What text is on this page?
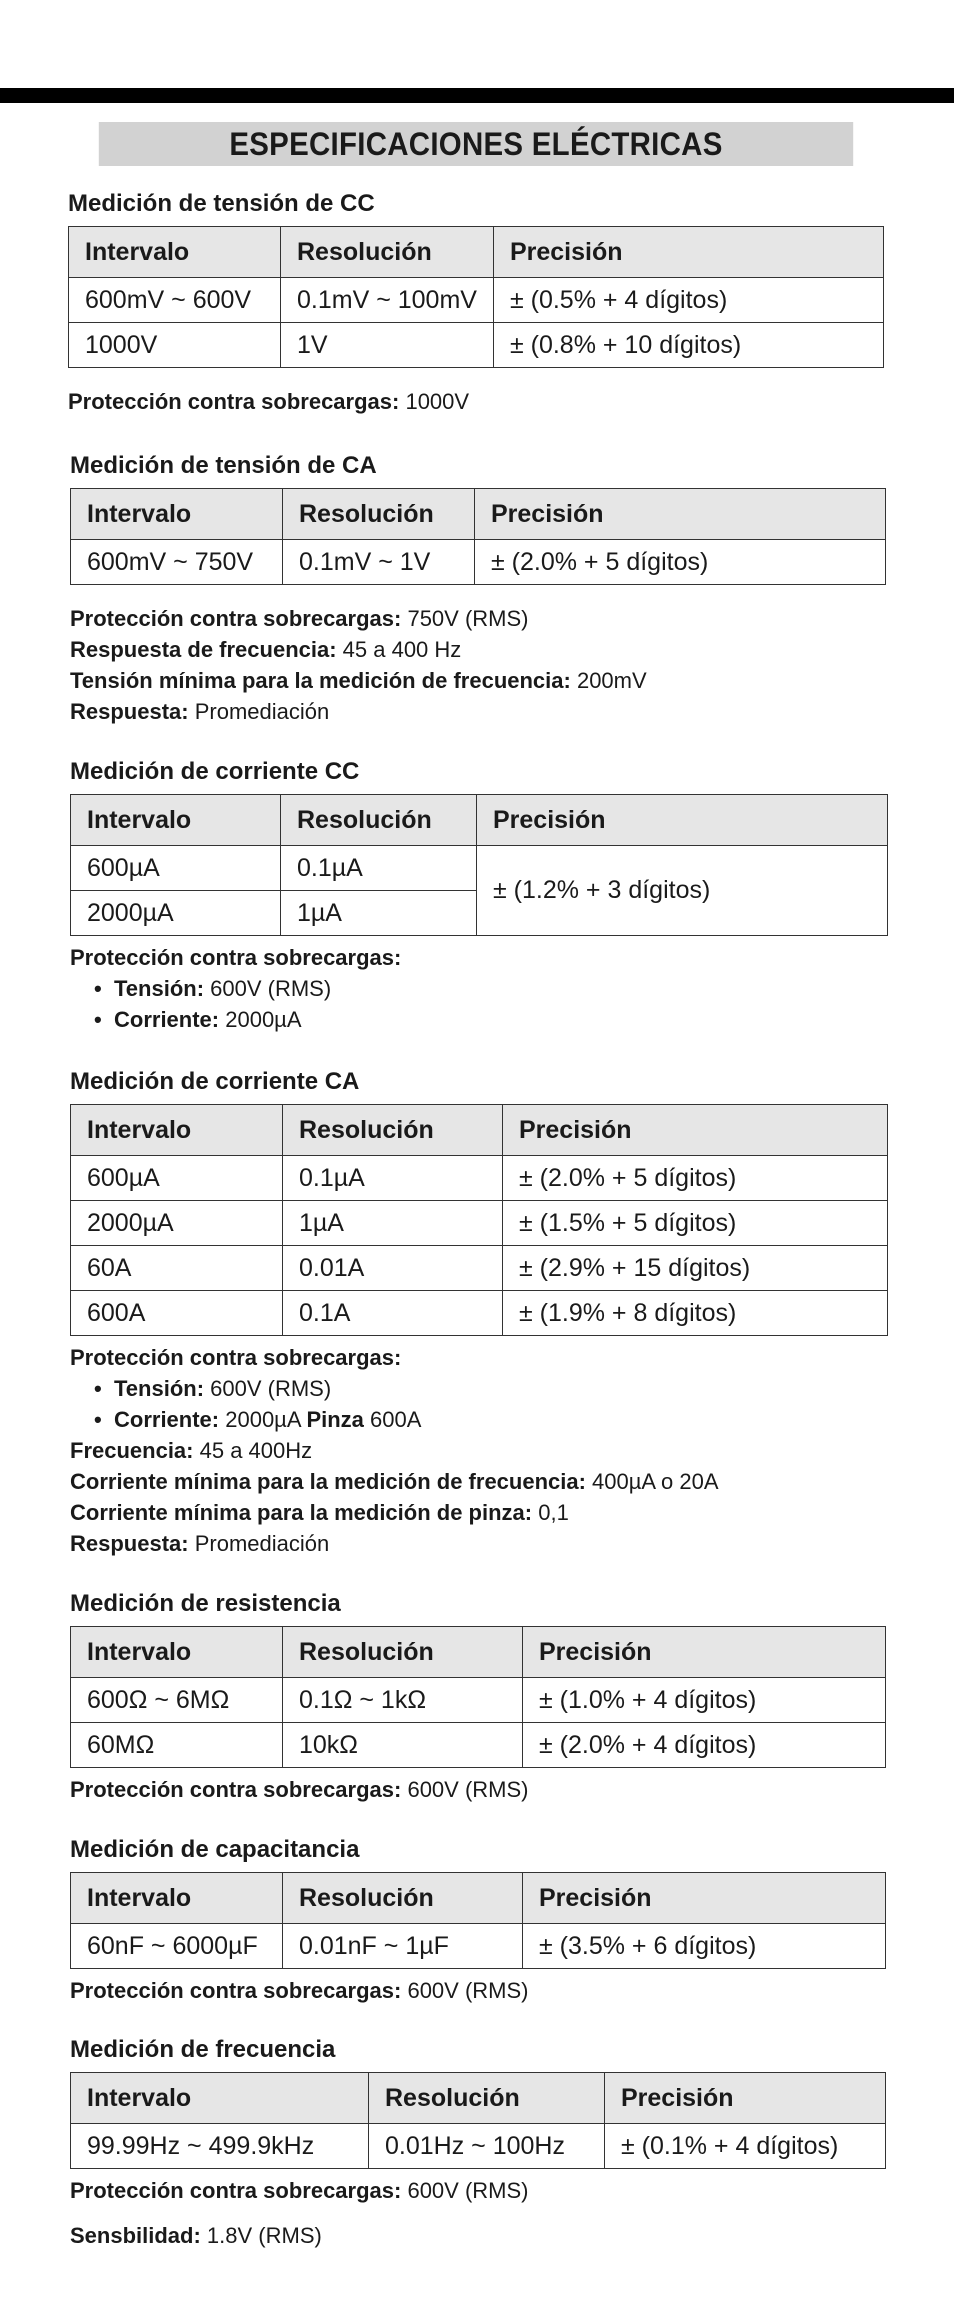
ESPECIFICACIONES ELÉCTRICAS
Medición de tensión de CC
Intervalo	Resolución	Precisión
600mV ~ 600V	0.1mV ~ 100mV	± (0.5% + 4 dígitos)
1000V	1V	± (0.8% + 10 dígitos)
Protección contra sobrecargas: 1000V
Medición de tensión de CA
Intervalo	Resolución	Precisión
600mV ~ 750V	0.1mV ~ 1V	± (2.0% + 5 dígitos)
Protección contra sobrecargas: 750V (RMS)
Respuesta de frecuencia: 45 a 400 Hz
Tensión mínima para la medición de frecuencia: 200mV
Respuesta: Promediación
Medición de corriente CC
Intervalo	Resolución	Precisión
600µA	0.1µA	± (1.2% + 3 dígitos)
2000µA	1µA	
Protección contra sobrecargas:
• Tensión: 600V (RMS)
• Corriente: 2000µA
Medición de corriente CA
Intervalo	Resolución	Precisión
600µA	0.1µA	± (2.0% + 5 dígitos)
2000µA	1µA	± (1.5% + 5 dígitos)
60A	0.01A	± (2.9% + 15 dígitos)
600A	0.1A	± (1.9% + 8 dígitos)
Protección contra sobrecargas:
• Tensión: 600V (RMS)
• Corriente: 2000µA Pinza 600A
Frecuencia: 45 a 400Hz
Corriente mínima para la medición de frecuencia: 400µA o 20A
Corriente mínima para la medición de pinza: 0,1
Respuesta: Promediación
Medición de resistencia
Intervalo	Resolución	Precisión
600Ω ~ 6MΩ	0.1Ω ~ 1kΩ	± (1.0% + 4 dígitos)
60MΩ	10kΩ	± (2.0% + 4 dígitos)
Protección contra sobrecargas: 600V (RMS)
Medición de capacitancia
Intervalo	Resolución	Precisión
60nF ~ 6000µF	0.01nF ~ 1µF	± (3.5% + 6 dígitos)
Protección contra sobrecargas: 600V (RMS)
Medición de frecuencia
Intervalo	Resolución	Precisión
99.99Hz ~ 499.9kHz	0.01Hz ~ 100Hz	± (0.1% + 4 dígitos)
Protección contra sobrecargas: 600V (RMS)
Sensbilidad: 1.8V (RMS)
